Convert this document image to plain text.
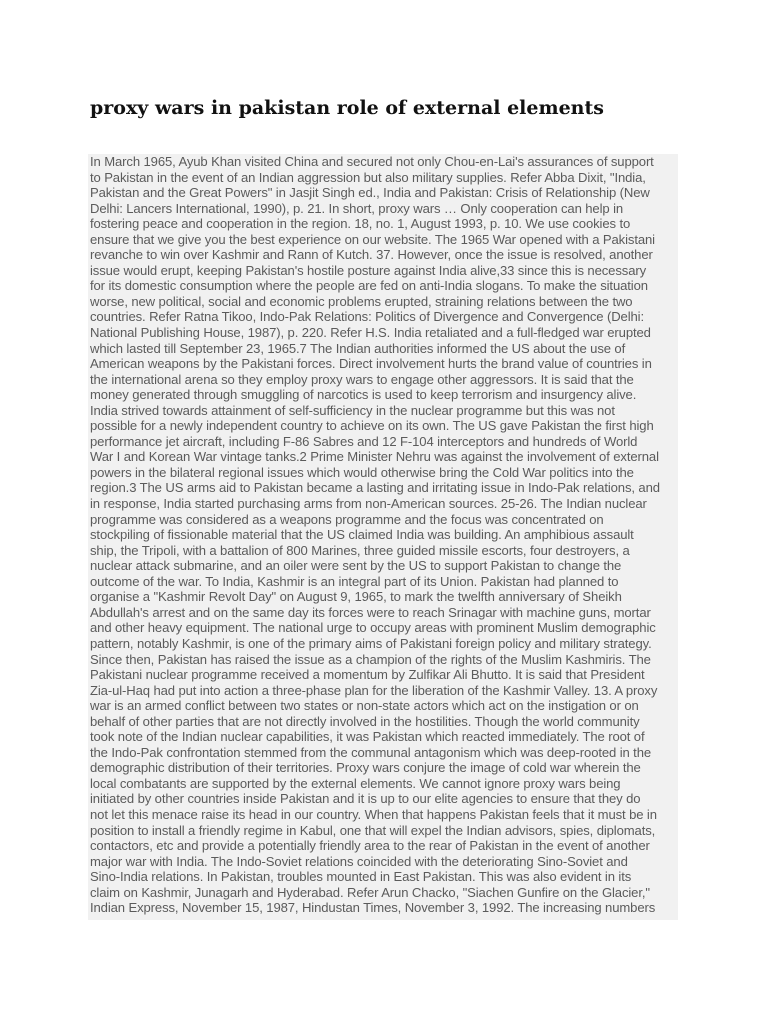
proxy wars in pakistan role of external elements
In March 1965, Ayub Khan visited China and secured not only Chou-en-Lai's assurances of support
to Pakistan in the event of an Indian aggression but also military supplies. Refer Abba Dixit, "India,
Pakistan and the Great Powers" in Jasjit Singh ed., India and Pakistan: Crisis of Relationship (New
Delhi: Lancers International, 1990), p. 21. In short, proxy wars … Only cooperation can help in
fostering peace and cooperation in the region. 18, no. 1, August 1993, p. 10. We use cookies to
ensure that we give you the best experience on our website. The 1965 War opened with a Pakistani
revanche to win over Kashmir and Rann of Kutch. 37. However, once the issue is resolved, another
issue would erupt, keeping Pakistan's hostile posture against India alive,33 since this is necessary
for its domestic consumption where the people are fed on anti-India slogans. To make the situation
worse, new political, social and economic problems erupted, straining relations between the two
countries. Refer Ratna Tikoo, Indo-Pak Relations: Politics of Divergence and Convergence (Delhi:
National Publishing House, 1987), p. 220. Refer H.S. India retaliated and a full-fledged war erupted
which lasted till September 23, 1965.7 The Indian authorities informed the US about the use of
American weapons by the Pakistani forces. Direct involvement hurts the brand value of countries in
the international arena so they employ proxy wars to engage other aggressors. It is said that the
money generated through smuggling of narcotics is used to keep terrorism and insurgency alive.
India strived towards attainment of self-sufficiency in the nuclear programme but this was not
possible for a newly independent country to achieve on its own. The US gave Pakistan the first high
performance jet aircraft, including F-86 Sabres and 12 F-104 interceptors and hundreds of World
War I and Korean War vintage tanks.2 Prime Minister Nehru was against the involvement of external
powers in the bilateral regional issues which would otherwise bring the Cold War politics into the
region.3 The US arms aid to Pakistan became a lasting and irritating issue in Indo-Pak relations, and
in response, India started purchasing arms from non-American sources. 25-26. The Indian nuclear
programme was considered as a weapons programme and the focus was concentrated on
stockpiling of fissionable material that the US claimed India was building. An amphibious assault
ship, the Tripoli, with a battalion of 800 Marines, three guided missile escorts, four destroyers, a
nuclear attack submarine, and an oiler were sent by the US to support Pakistan to change the
outcome of the war. To India, Kashmir is an integral part of its Union. Pakistan had planned to
organise a "Kashmir Revolt Day" on August 9, 1965, to mark the twelfth anniversary of Sheikh
Abdullah's arrest and on the same day its forces were to reach Srinagar with machine guns, mortar
and other heavy equipment. The national urge to occupy areas with prominent Muslim demographic
pattern, notably Kashmir, is one of the primary aims of Pakistani foreign policy and military strategy.
Since then, Pakistan has raised the issue as a champion of the rights of the Muslim Kashmiris. The
Pakistani nuclear programme received a momentum by Zulfikar Ali Bhutto. It is said that President
Zia-ul-Haq had put into action a three-phase plan for the liberation of the Kashmir Valley. 13. A proxy
war is an armed conflict between two states or non-state actors which act on the instigation or on
behalf of other parties that are not directly involved in the hostilities. Though the world community
took note of the Indian nuclear capabilities, it was Pakistan which reacted immediately. The root of
the Indo-Pak confrontation stemmed from the communal antagonism which was deep-rooted in the
demographic distribution of their territories. Proxy wars conjure the image of cold war wherein the
local combatants are supported by the external elements. We cannot ignore proxy wars being
initiated by other countries inside Pakistan and it is up to our elite agencies to ensure that they do
not let this menace raise its head in our country. When that happens Pakistan feels that it must be in
position to install a friendly regime in Kabul, one that will expel the Indian advisors, spies, diplomats,
contactors, etc and provide a potentially friendly area to the rear of Pakistan in the event of another
major war with India. The Indo-Soviet relations coincided with the deteriorating Sino-Soviet and
Sino-India relations. In Pakistan, troubles mounted in East Pakistan. This was also evident in its
claim on Kashmir, Junagarh and Hyderabad. Refer Arun Chacko, "Siachen Gunfire on the Glacier,"
Indian Express, November 15, 1987, Hindustan Times, November 3, 1992. The increasing numbers
